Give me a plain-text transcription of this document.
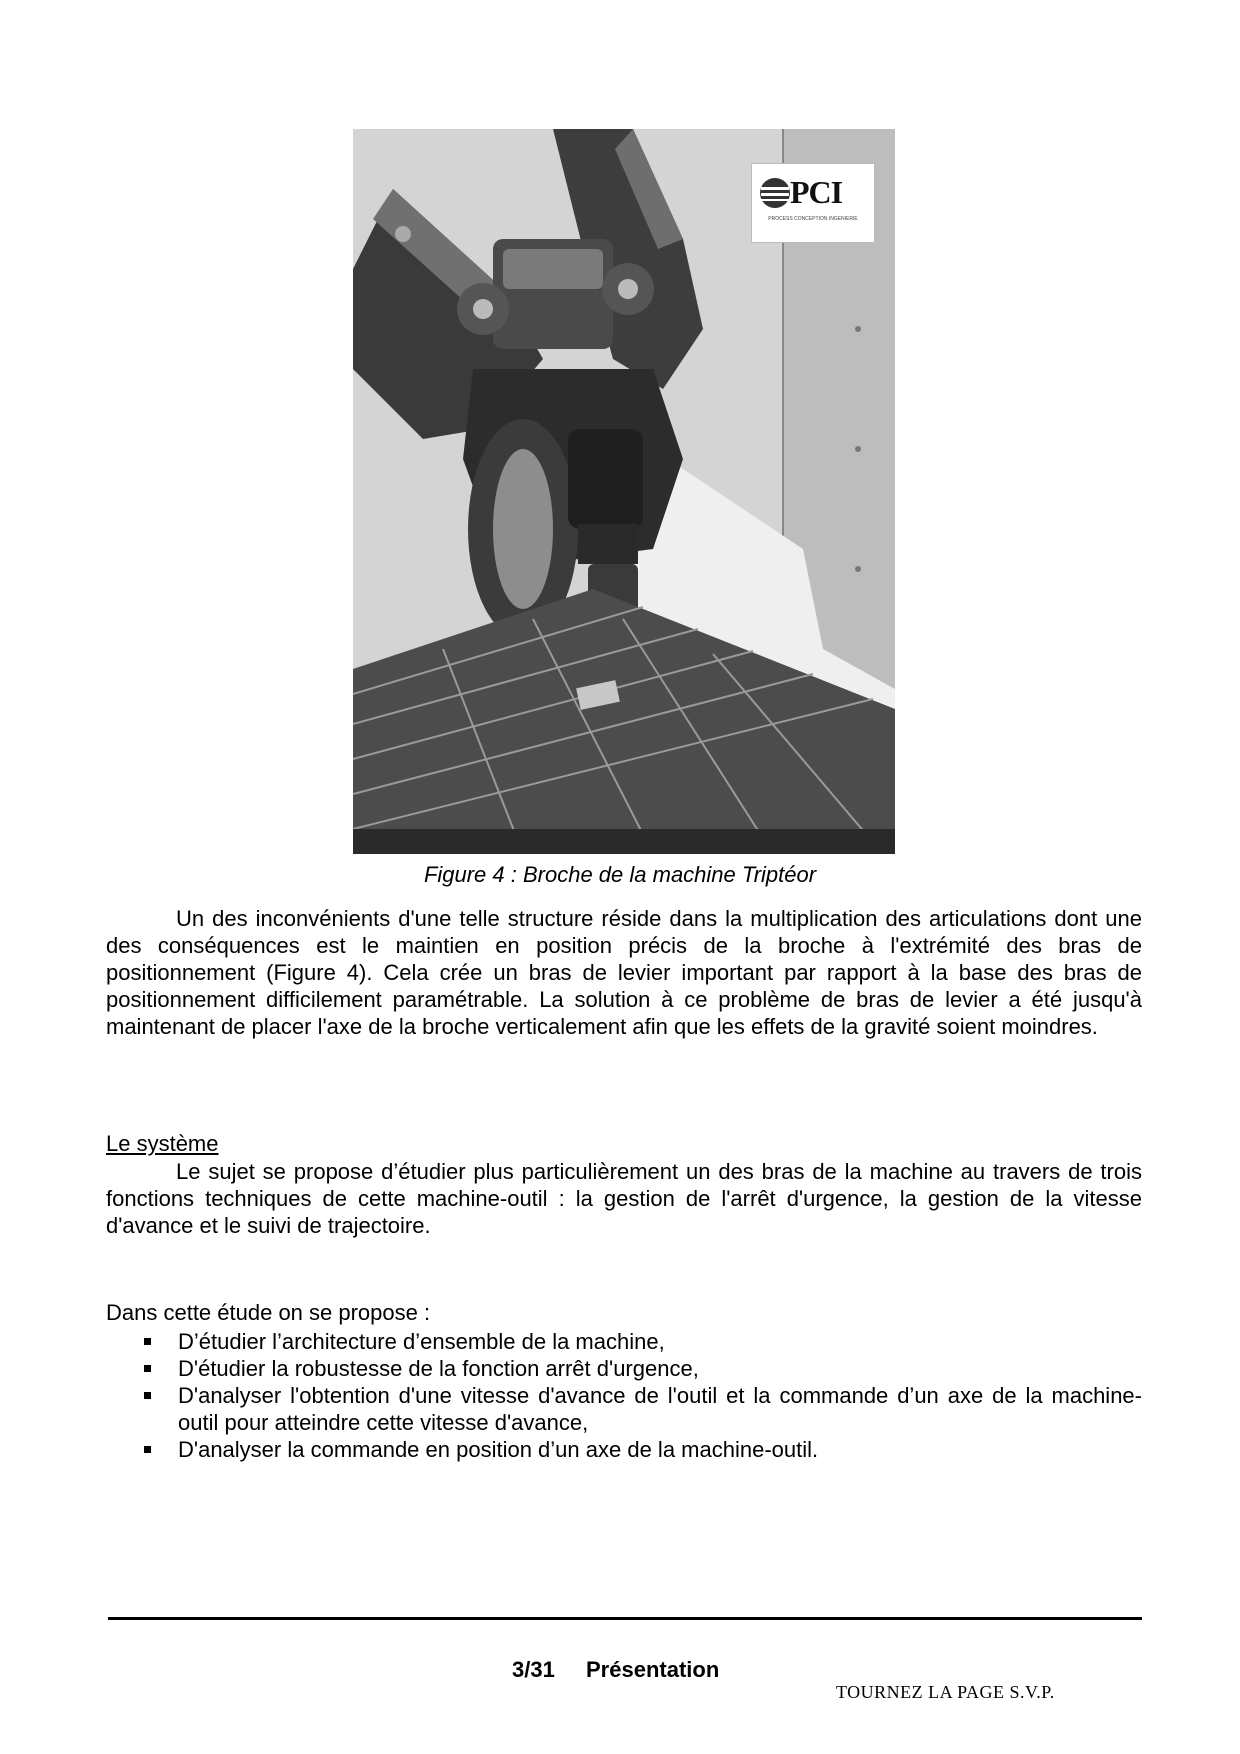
PCI
PROCESS CONCEPTION INGÉNIERIE
Figure 4 : Broche de la machine Triptéor
Un des inconvénients d'une telle structure réside dans la multiplication des articulations dont une des conséquences est le maintien en position précis de la broche à l'extrémité des bras de positionnement (Figure 4). Cela crée un bras de levier important par rapport à la base des bras de positionnement difficilement paramétrable. La solution à ce problème de bras de levier a été jusqu'à maintenant de placer l'axe de la broche verticalement afin que les effets de la gravité soient moindres.
Le système
Le sujet se propose d’étudier plus particulièrement un des bras de la machine au travers de trois fonctions techniques de cette machine-outil : la gestion de l'arrêt d'urgence, la gestion de la vitesse d'avance et le suivi de trajectoire.
Dans cette étude on se propose :
D’étudier l’architecture d’ensemble de la machine,
D'étudier la robustesse de la fonction arrêt d'urgence,
D'analyser l'obtention d'une vitesse d'avance de l'outil et la commande d’un axe de la machine-outil pour atteindre cette vitesse d'avance,
D'analyser la commande en position d’un axe de la machine-outil.
3/31 Présentation
TOURNEZ LA PAGE S.V.P.
